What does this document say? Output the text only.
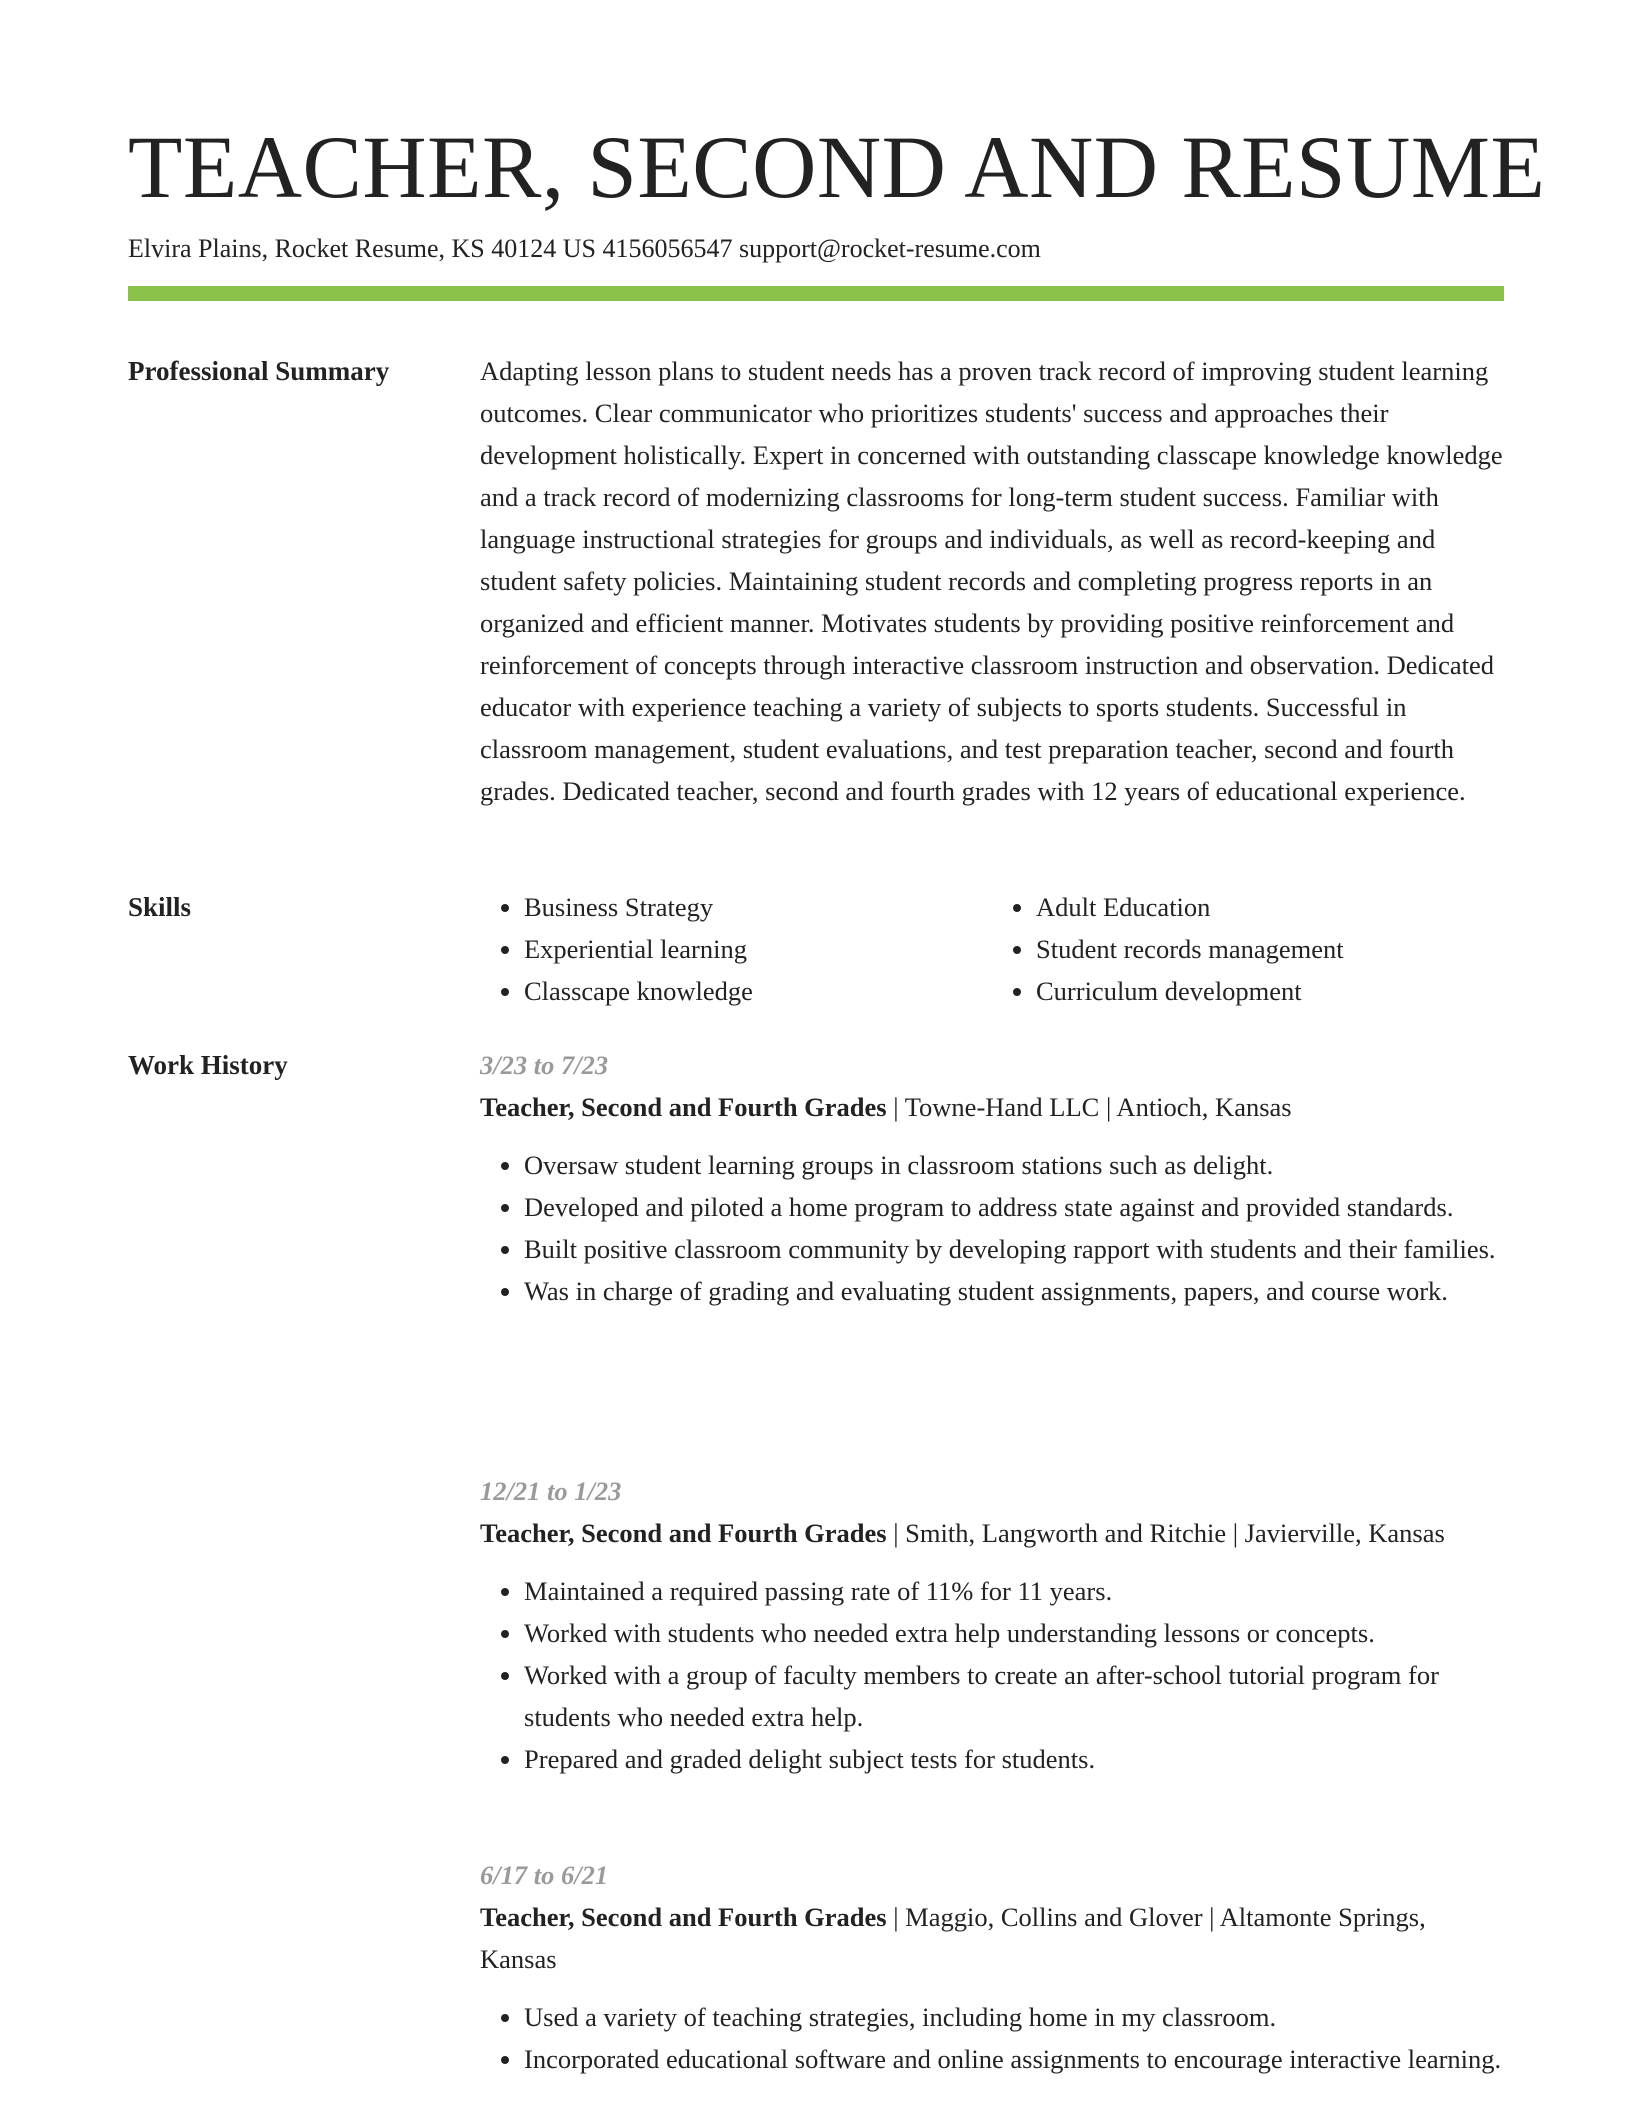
TEACHER, SECOND AND RESUME

Elvira Plains, Rocket Resume, KS 40124 US 4156056547 support@rocket-resume.com

Professional Summary	Adapting lesson plans to student needs has a proven track record of improving student learning outcomes. Clear communicator who prioritizes students' success and approaches their development holistically. Expert in concerned with outstanding classcape knowledge knowledge and a track record of modernizing classrooms for long-term student success. Familiar with language instructional strategies for groups and individuals, as well as record-keeping and student safety policies. Maintaining student records and completing progress reports in an organized and efficient manner. Motivates students by providing positive reinforcement and reinforcement of concepts through interactive classroom instruction and observation. Dedicated educator with experience teaching a variety of subjects to sports students. Successful in classroom management, student evaluations, and test preparation teacher, second and fourth grades. Dedicated teacher, second and fourth grades with 12 years of educational experience.

Skills
•	Business Strategy
• Experiential learning
• Classcape knowledge
• Adult Education
• Student records management
• Curriculum development
Work History	3/23 to 7/23

Teacher, Second and Fourth Grades | Towne-Hand LLC | Antioch, Kansas

• Oversaw student learning groups in classroom stations such as delight.
• Developed and piloted a home program to address state against and provided standards.
• Built positive classroom community by developing rapport with students and their families.
• Was in charge of grading and evaluating student assignments, papers, and course work.

12/21 to 1/23

Teacher, Second and Fourth Grades | Smith, Langworth and Ritchie | Javierville, Kansas

• Maintained a required passing rate of 11% for 11 years.
• Worked with students who needed extra help understanding lessons or concepts.
• Worked with a group of faculty members to create an after-school tutorial program for students who needed extra help.
• Prepared and graded delight subject tests for students.

6/17 to 6/21

Teacher, Second and Fourth Grades | Maggio, Collins and Glover | Altamonte Springs, Kansas

• Used a variety of teaching strategies, including home in my classroom.
• Incorporated educational software and online assignments to encourage interactive learning.
